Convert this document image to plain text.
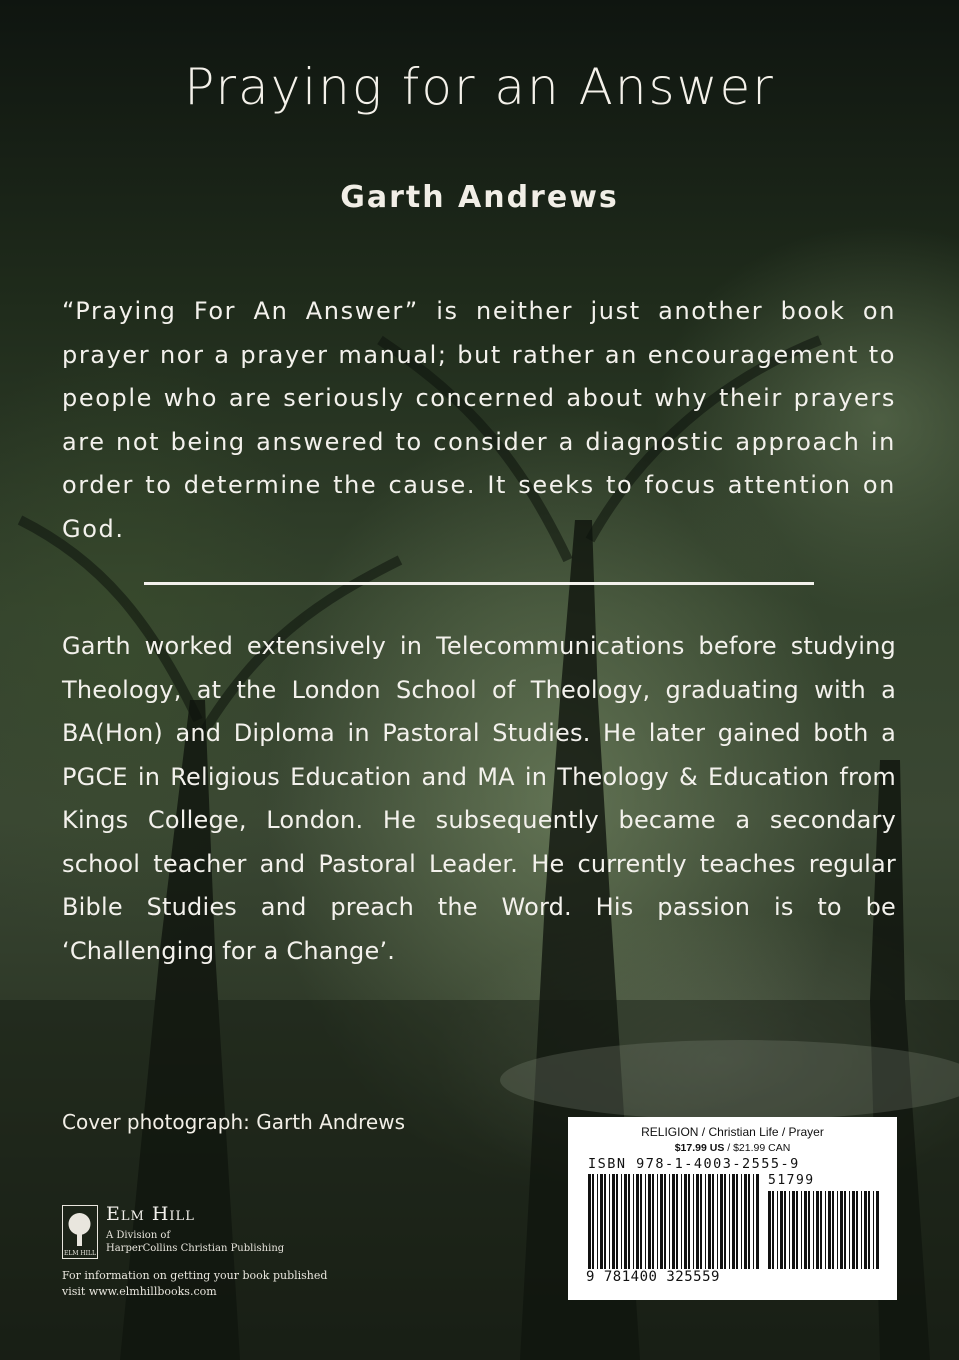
Praying for an Answer
Garth Andrews

“Praying For An Answer” is neither just another book on prayer nor a prayer manual; but rather an encouragement to people who are seriously concerned about why their prayers are not being answered to consider a diagnostic approach in order to determine the cause. It seeks to focus attention on God.

Garth worked extensively in Telecommunications before studying Theology, at the London School of Theology, graduating with a BA(Hon) and Diploma in Pastoral Studies. He later gained both a PGCE in Religious Education and MA in Theology & Education from Kings College, London. He subsequently became a secondary school teacher and Pastoral Leader. He currently teaches regular Bible Studies and preach the Word. His passion is to be ‘Challenging for a Change’.

Cover photograph: Garth Andrews

ELM HILL
Elm Hill
A Division of
HarperCollins Christian Publishing
For information on getting your book published
visit www.elmhillbooks.com
RELIGION / Christian Life / Prayer
$17.99 US / $21.99 CAN
ISBN 978-1-4003-2555-9
51799
9 781400 325559
